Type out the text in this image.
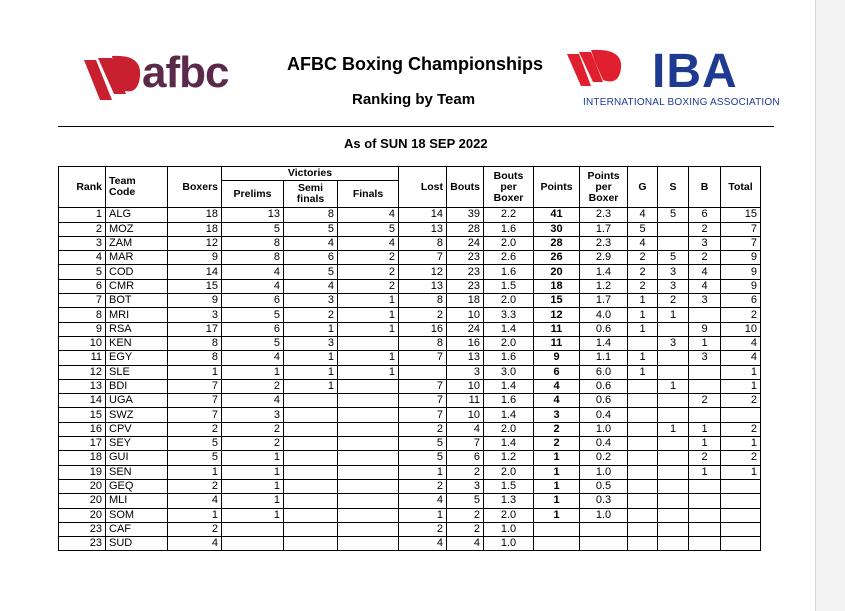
afbc	AFBC Boxing Championships
Ranking by Team
IBA
INTERNATIONAL BOXING ASSOCIATION
As of SUN 18 SEP 2022
Rank	Team Code	Boxers	Victories			Lost	Bouts	Bouts per Boxer	Points	Points per Boxer	G	S	B	Total
			Prelims	Semi finals	Finals									
1	ALG	18	13	8	4	14	39	2.2	41	2.3	4	5	6	15
2	MOZ	18	5	5	5	13	28	1.6	30	1.7	5		2	7
3	ZAM	12	8	4	4	8	24	2.0	28	2.3	4		3	7
4	MAR	9	8	6	2	7	23	2.6	26	2.9	2	5	2	9
5	COD	14	4	5	2	12	23	1.6	20	1.4	2	3	4	9
6	CMR	15	4	4	2	13	23	1.5	18	1.2	2	3	4	9
7	BOT	9	6	3	1	8	18	2.0	15	1.7	1	2	3	6
8	MRI	3	5	2	1	2	10	3.3	12	4.0	1	1		2
9	RSA	17	6	1	1	16	24	1.4	11	0.6	1		9	10
10	KEN	8	5	3		8	16	2.0	11	1.4		3	1	4
11	EGY	8	4	1	1	7	13	1.6	9	1.1	1		3	4
12	SLE	1	1	1	1		3	3.0	6	6.0	1			1
13	BDI	7	2	1		7	10	1.4	4	0.6		1		1
14	UGA	7	4			7	11	1.6	4	0.6			2	2
15	SWZ	7	3			7	10	1.4	3	0.4				
16	CPV	2	2			2	4	2.0	2	1.0		1	1	2
17	SEY	5	2			5	7	1.4	2	0.4			1	1
18	GUI	5	1			5	6	1.2	1	0.2			2	2
19	SEN	1	1			1	2	2.0	1	1.0			1	1
20	GEQ	2	1			2	3	1.5	1	0.5				
20	MLI	4	1			4	5	1.3	1	0.3				
20	SOM	1	1			1	2	2.0	1	1.0				
23	CAF	2				2	2	1.0						
23	SUD	4				4	4	1.0						
